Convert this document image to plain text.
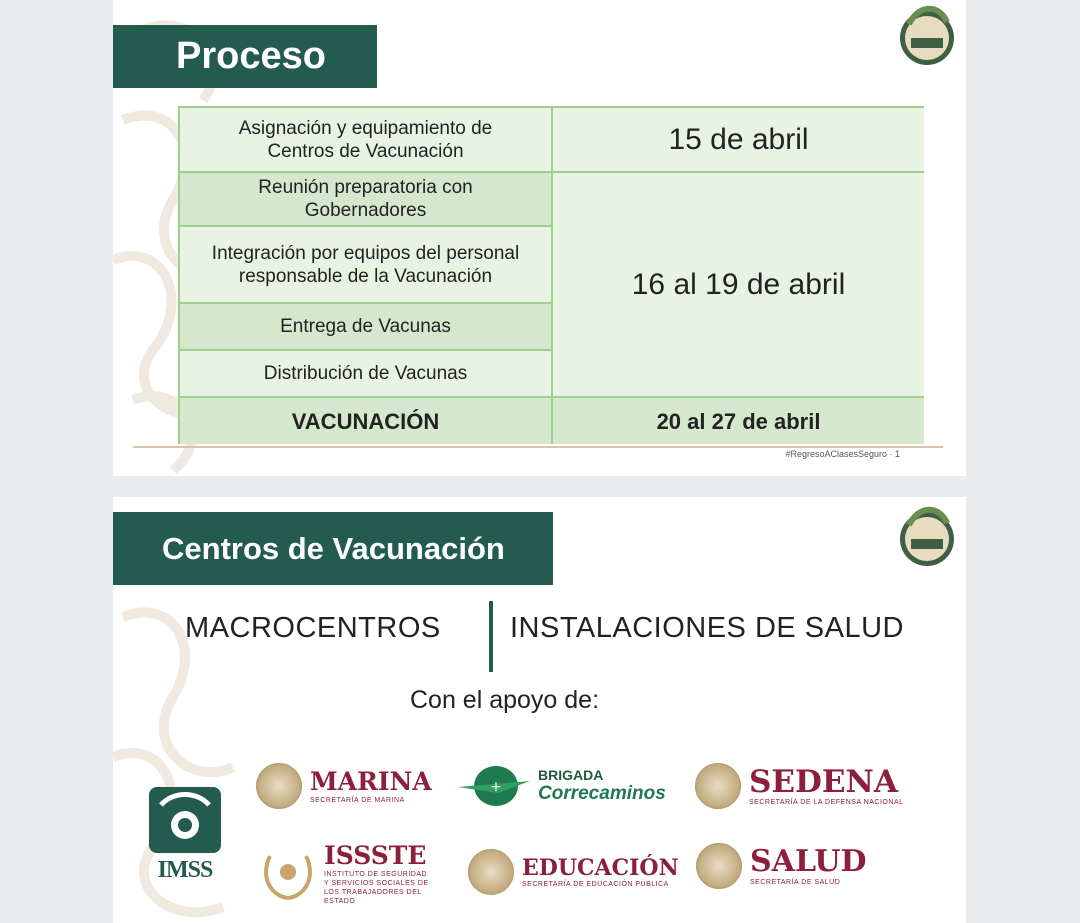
Proceso
Asignación y equipamiento de Centros de Vacunación
Reunión preparatoria con Gobernadores
Integración por equipos del personal responsable de la Vacunación
Entrega de Vacunas
Distribución de Vacunas
VACUNACIÓN
15 de abril
16 al 19 de abril
20 al 27 de abril
#RegresoAClasesSeguro · 1
Centros de Vacunación
MACROCENTROS INSTALACIONES DE SALUD
Con el apoyo de:
IMSS
MARINA
SECRETARÍA DE MARINA
+
BRIGADA
Correcaminos	SEDENA
SECRETARÍA DE LA DEFENSA NACIONAL
ISSSTE
INSTITUTO DE SEGURIDAD Y SERVICIOS SOCIALES DE LOS TRABAJADORES DEL ESTADO
EDUCACIÓN
SECRETARÍA DE EDUCACIÓN PÚBLICA
SALUD
SECRETARÍA DE SALUD
